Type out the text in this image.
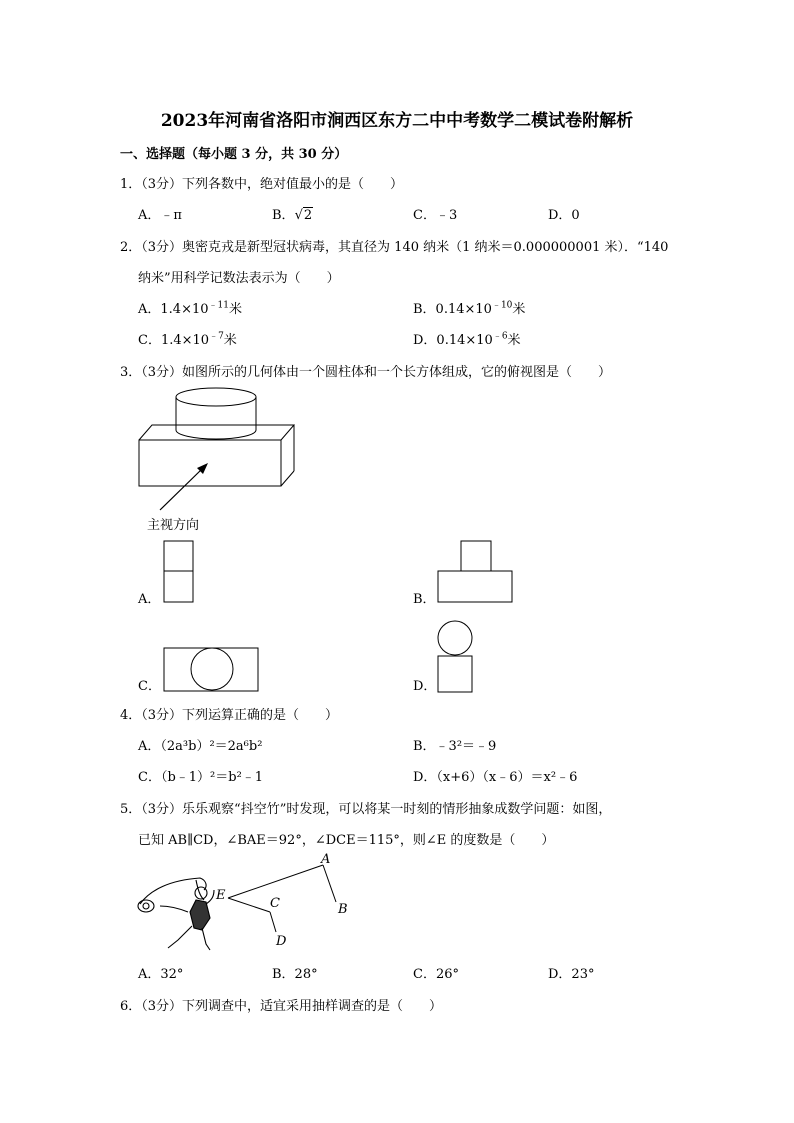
2023年河南省洛阳市涧西区东方二中中考数学二模试卷附解析
一、选择题（每小题 3 分，共 30 分）
1．（3分）下列各数中，绝对值最小的是（　　）
A．﹣π	B．√2	C．﹣3	D．0
2．（3分）奥密克戎是新型冠状病毒，其直径为 140 纳米（1 纳米＝0.000000001 米）．“140
纳米”用科学记数法表示为（　　）
A．$1.4\times 10^{﹣11}$米	B．$0.14\times 10^{﹣10}$米
C．$1.4\times 10^{﹣7}$米	D．$0.14\times 10^{﹣6}$米
3．（3分）如图所示的几何体由一个圆柱体和一个长方体组成，它的俯视图是（　　）
主视方向
A．	B．
C．	D．
4．（3分）下列运算正确的是（　　）
A．（2a³b）²＝2a⁶b²	B．﹣3²＝﹣9
C．（b﹣1）²＝b²﹣1	D．（x+6）（x﹣6）＝x²﹣6
5．（3分）乐乐观察“抖空竹”时发现，可以将某一时刻的情形抽象成数学问题：如图，
已知 AB∥CD，∠BAE＝92°，∠DCE＝115°，则∠E 的度数是（　　）
A
B
C
D
E
A．32°	B．28°	C．26°	D．23°
6．（3分）下列调查中，适宜采用抽样调查的是（　　）
